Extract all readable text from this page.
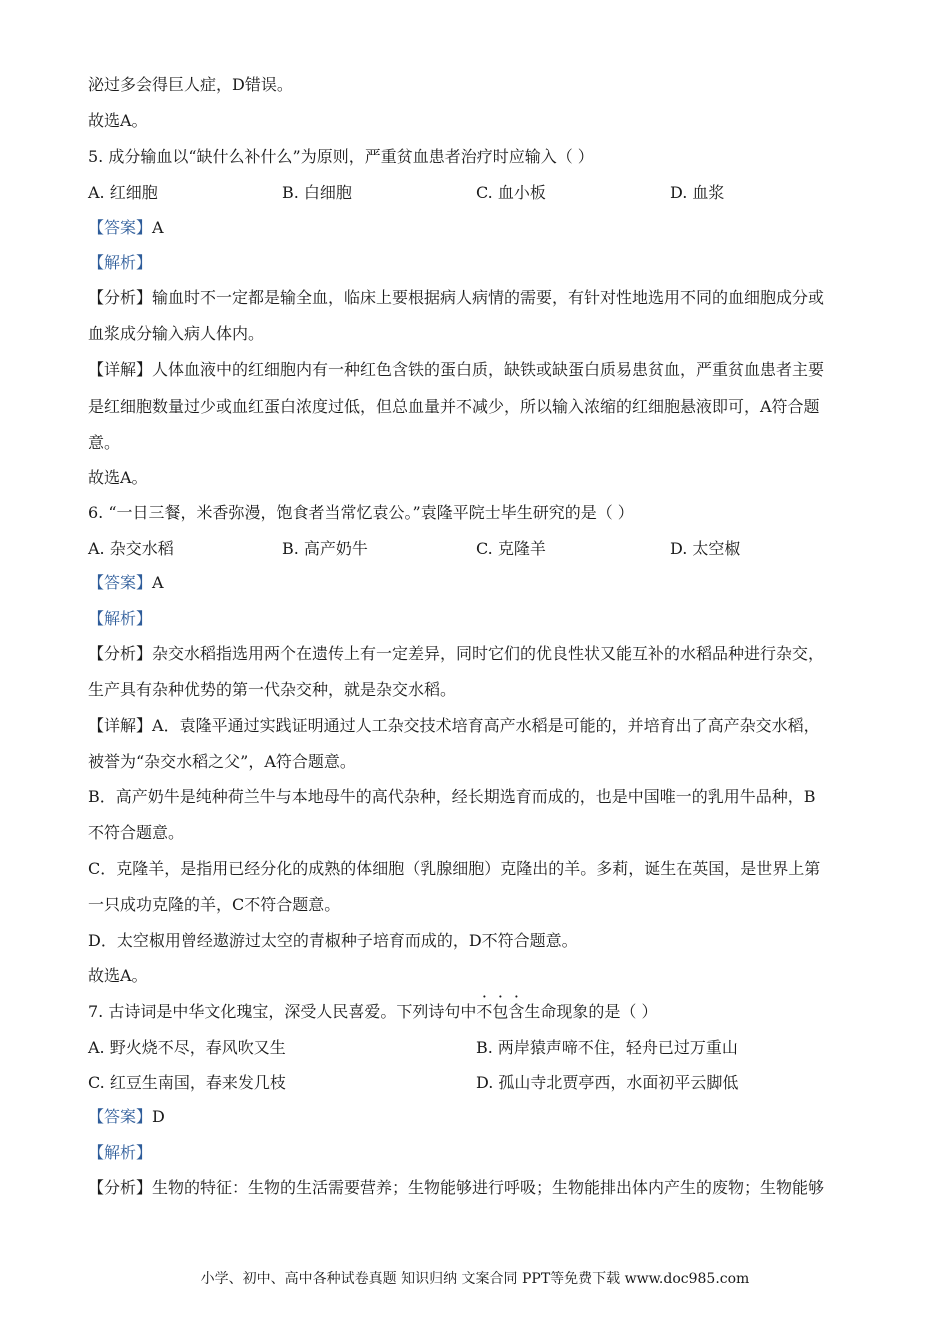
泌过多会得巨人症，D错误。
故选A。
5. 成分输血以“缺什么补什么”为原则，严重贫血患者治疗时应输入（ ）
A. 红细胞	B. 白细胞	C. 血小板	D. 血浆
【答案】A
【解析】
【分析】输血时不一定都是输全血，临床上要根据病人病情的需要，有针对性地选用不同的血细胞成分或
血浆成分输入病人体内。
【详解】人体血液中的红细胞内有一种红色含铁的蛋白质，缺铁或缺蛋白质易患贫血，严重贫血患者主要
是红细胞数量过少或血红蛋白浓度过低，但总血量并不减少，所以输入浓缩的红细胞悬液即可，A符合题
意。
故选A。
6. “一日三餐，米香弥漫，饱食者当常忆袁公。”袁隆平院士毕生研究的是（ ）
A. 杂交水稻	B. 高产奶牛	C. 克隆羊	D. 太空椒
【答案】A
【解析】
【分析】杂交水稻指选用两个在遗传上有一定差异，同时它们的优良性状又能互补的水稻品种进行杂交，
生产具有杂种优势的第一代杂交种，就是杂交水稻。
【详解】A．袁隆平通过实践证明通过人工杂交技术培育高产水稻是可能的，并培育出了高产杂交水稻，
被誉为“杂交水稻之父”，A符合题意。
B．高产奶牛是纯种荷兰牛与本地母牛的高代杂种，经长期选育而成的，也是中国唯一的乳用牛品种，B
不符合题意。
C．克隆羊，是指用已经分化的成熟的体细胞（乳腺细胞）克隆出的羊。多莉，诞生在英国，是世界上第
一只成功克隆的羊，C不符合题意。
D．太空椒用曾经遨游过太空的青椒种子培育而成的，D不符合题意。
故选A。
7. 古诗词是中华文化瑰宝，深受人民喜爱。下列诗句中不包含生命现象的是（ ）
A. 野火烧不尽，春风吹又生	B. 两岸猿声啼不住，轻舟已过万重山
C. 红豆生南国，春来发几枝	D. 孤山寺北贾亭西，水面初平云脚低
【答案】D
【解析】
【分析】生物的特征：生物的生活需要营养；生物能够进行呼吸；生物能排出体内产生的废物；生物能够
小学、初中、高中各种试卷真题 知识归纳 文案合同 PPT等免费下载 www.doc985.com
